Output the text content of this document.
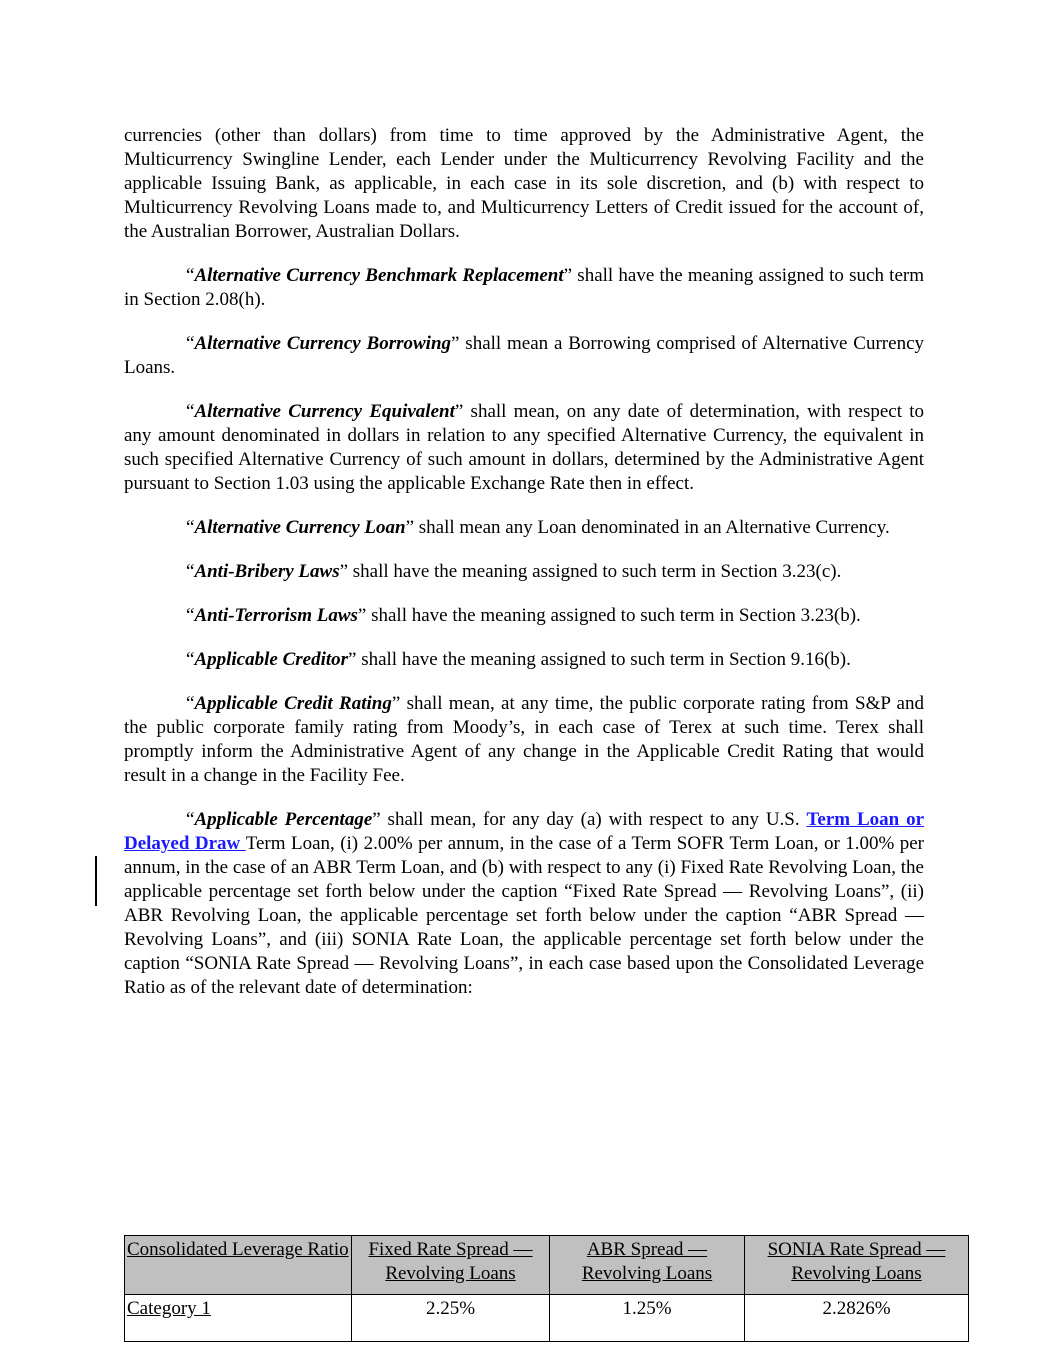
currencies (other than dollars) from time to time approved by the Administrative Agent, the Multicurrency Swingline Lender, each Lender under the Multicurrency Revolving Facility and the applicable Issuing Bank, as applicable, in each case in its sole discretion, and (b) with respect to Multicurrency Revolving Loans made to, and Multicurrency Letters of Credit issued for the account of, the Australian Borrower, Australian Dollars.

“Alternative Currency Benchmark Replacement” shall have the meaning assigned to such term in Section 2.08(h).

“Alternative Currency Borrowing” shall mean a Borrowing comprised of Alternative Currency Loans.

“Alternative Currency Equivalent” shall mean, on any date of determination, with respect to any amount denominated in dollars in relation to any specified Alternative Currency, the equivalent in such specified Alternative Currency of such amount in dollars, determined by the Administrative Agent pursuant to Section 1.03 using the applicable Exchange Rate then in effect.

“Alternative Currency Loan” shall mean any Loan denominated in an Alternative Currency.

“Anti-Bribery Laws” shall have the meaning assigned to such term in Section 3.23(c).

“Anti-Terrorism Laws” shall have the meaning assigned to such term in Section 3.23(b).

“Applicable Creditor” shall have the meaning assigned to such term in Section 9.16(b).

“Applicable Credit Rating” shall mean, at any time, the public corporate rating from S&P and the public corporate family rating from Moody’s, in each case of Terex at such time. Terex shall promptly inform the Administrative Agent of any change in the Applicable Credit Rating that would result in a change in the Facility Fee.

“Applicable Percentage” shall mean, for any day (a) with respect to any U.S. Term Loan or Delayed Draw Term Loan, (i) 2.00% per annum, in the case of a Term SOFR Term Loan, or 1.00% per annum, in the case of an ABR Term Loan, and (b) with respect to any (i) Fixed Rate Revolving Loan, the applicable percentage set forth below under the caption “Fixed Rate Spread — Revolving Loans”, (ii) ABR Revolving Loan, the applicable percentage set forth below under the caption “ABR Spread — Revolving Loans”, and (iii) SONIA Rate Loan, the applicable percentage set forth below under the caption “SONIA Rate Spread — Revolving Loans”, in each case based upon the Consolidated Leverage Ratio as of the relevant date of determination:

Consolidated Leverage Ratio	Fixed Rate Spread — Revolving Loans	ABR Spread — Revolving Loans	SONIA Rate Spread — Revolving Loans
Category 1	2.25%	1.25%	2.2826%
